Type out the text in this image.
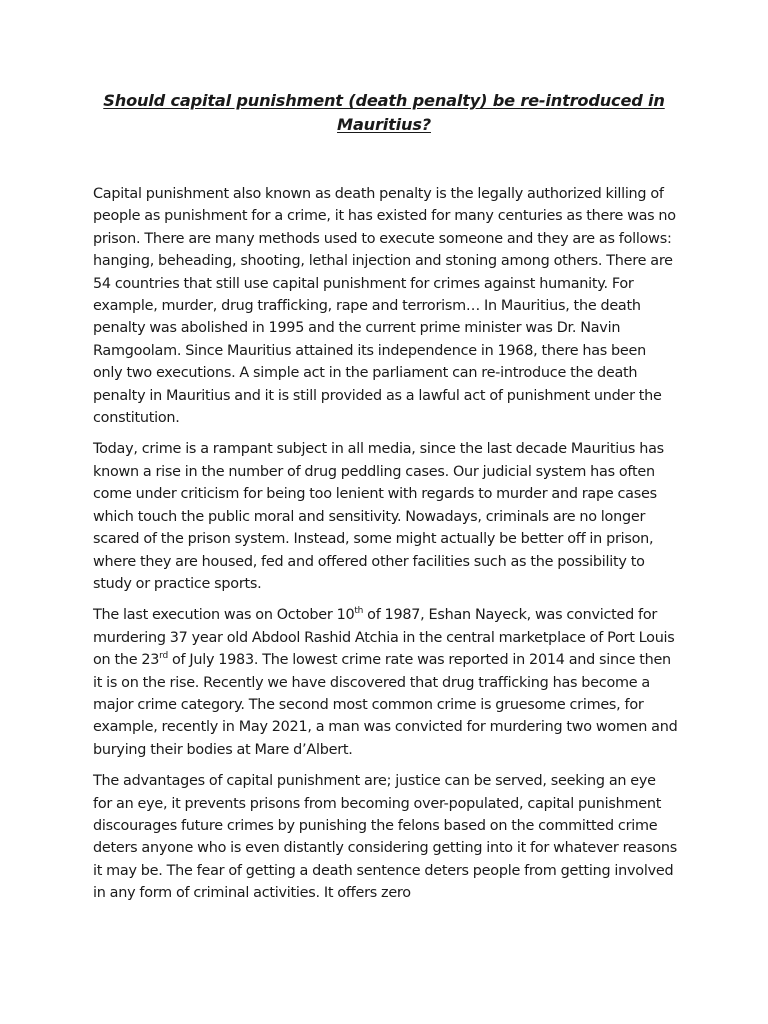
Should capital punishment (death penalty) be re-introduced in Mauritius?

Capital punishment also known as death penalty is the legally authorized killing of people as punishment for a crime, it has existed for many centuries as there was no prison. There are many methods used to execute someone and they are as follows: hanging, beheading, shooting, lethal injection and stoning among others. There are 54 countries that still use capital punishment for crimes against humanity. For example, murder, drug trafficking, rape and terrorism… In Mauritius, the death penalty was abolished in 1995 and the current prime minister was Dr. Navin Ramgoolam. Since Mauritius attained its independence in 1968, there has been only two executions. A simple act in the parliament can re-introduce the death penalty in Mauritius and it is still provided as a lawful act of punishment under the constitution.

Today, crime is a rampant subject in all media, since the last decade Mauritius has known a rise in the number of drug peddling cases. Our judicial system has often come under criticism for being too lenient with regards to murder and rape cases which touch the public moral and sensitivity. Nowadays, criminals are no longer scared of the prison system. Instead, some might actually be better off in prison, where they are housed, fed and offered other facilities such as the possibility to study or practice sports.

The last execution was on October 10th of 1987, Eshan Nayeck, was convicted for murdering 37 year old Abdool Rashid Atchia in the central marketplace of Port Louis on the 23rd of July 1983. The lowest crime rate was reported in 2014 and since then it is on the rise. Recently we have discovered that drug trafficking has become a major crime category. The second most common crime is gruesome crimes, for example, recently in May 2021, a man was convicted for murdering two women and burying their bodies at Mare d’Albert.

The advantages of capital punishment are; justice can be served, seeking an eye for an eye, it prevents prisons from becoming over-populated, capital punishment discourages future crimes by punishing the felons based on the committed crime deters anyone who is even distantly considering getting into it for whatever reasons it may be. The fear of getting a death sentence deters people from getting involved in any form of criminal activities. It offers zero
